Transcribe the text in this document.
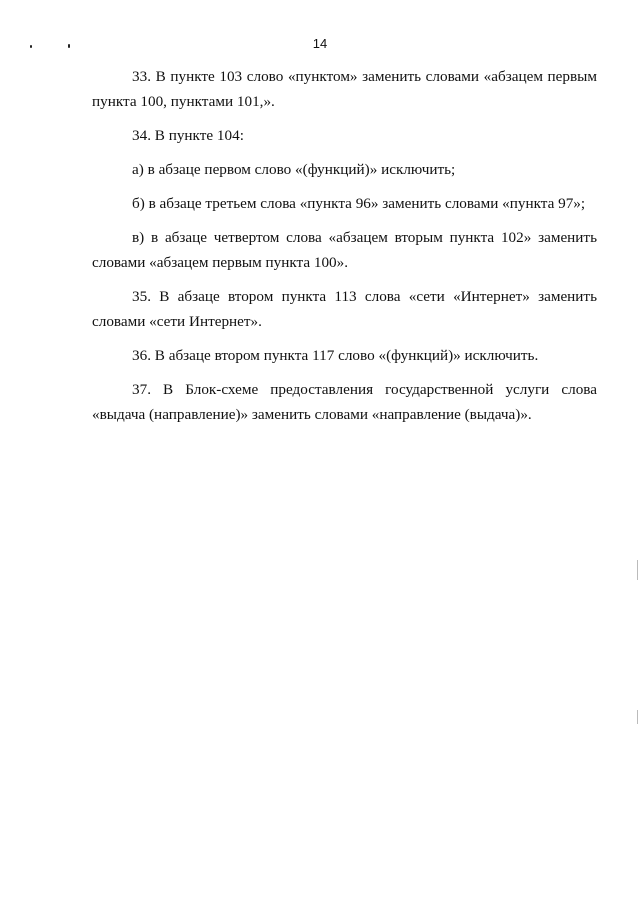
14

33. В пункте 103 слово «пунктом» заменить словами «абзацем первым пункта 100, пунктами 101,».

34. В пункте 104:

а) в абзаце первом слово «(функций)» исключить;

б) в абзаце третьем слова «пункта 96» заменить словами «пункта 97»;

в) в абзаце четвертом слова «абзацем вторым пункта 102» заменить словами «абзацем первым пункта 100».

35. В абзаце втором пункта 113 слова «сети «Интернет» заменить словами «сети Интернет».

36. В абзаце втором пункта 117 слово «(функций)» исключить.

37. В Блок-схеме предоставления государственной услуги слова «выдача (направление)» заменить словами «направление (выдача)».
